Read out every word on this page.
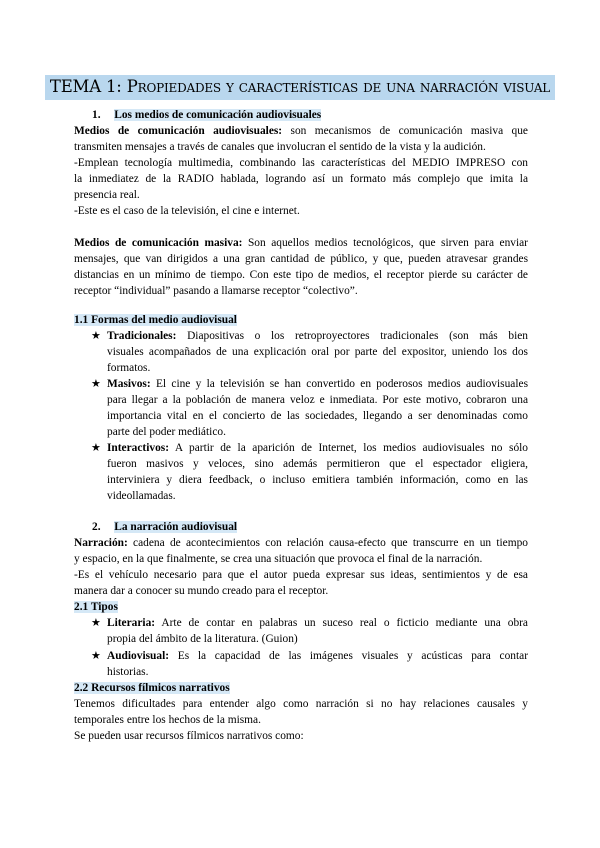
TEMA 1: Propiedades y características de una narración visual
1. Los medios de comunicación audiovisuales
Medios de comunicación audiovisuales: son mecanismos de comunicación masiva que
transmiten mensajes a través de canales que involucran el sentido de la vista y la audición.
-Emplean tecnología multimedia, combinando las características del MEDIO IMPRESO con
la inmediatez de la RADIO hablada, logrando así un formato más complejo que imita la
presencia real.
-Este es el caso de la televisión, el cine e internet.
Medios de comunicación masiva: Son aquellos medios tecnológicos, que sirven para enviar
mensajes, que van dirigidos a una gran cantidad de público, y que, pueden atravesar grandes
distancias en un mínimo de tiempo. Con este tipo de medios, el receptor pierde su carácter de
receptor “individual” pasando a llamarse receptor “colectivo”.
1.1 Formas del medio audiovisual
★ Tradicionales: Diapositivas o los retroproyectores tradicionales (son más bien
visuales acompañados de una explicación oral por parte del expositor, uniendo los dos
formatos.
★ Masivos: El cine y la televisión se han convertido en poderosos medios audiovisuales
para llegar a la población de manera veloz e inmediata. Por este motivo, cobraron una
importancia vital en el concierto de las sociedades, llegando a ser denominadas como
parte del poder mediático.
★ Interactivos: A partir de la aparición de Internet, los medios audiovisuales no sólo
fueron masivos y veloces, sino además permitieron que el espectador eligiera,
interviniera y diera feedback, o incluso emitiera también información, como en las
videollamadas.
2. La narración audiovisual
Narración: cadena de acontecimientos con relación causa-efecto que transcurre en un tiempo
y espacio, en la que finalmente, se crea una situación que provoca el final de la narración.
-Es el vehículo necesario para que el autor pueda expresar sus ideas, sentimientos y de esa
manera dar a conocer su mundo creado para el receptor.
2.1 Tipos
★ Literaria: Arte de contar en palabras un suceso real o ficticio mediante una obra
propia del ámbito de la literatura. (Guion)
★ Audiovisual: Es la capacidad de las imágenes visuales y acústicas para contar
historias.
2.2 Recursos fílmicos narrativos
Tenemos dificultades para entender algo como narración si no hay relaciones causales y
temporales entre los hechos de la misma.
Se pueden usar recursos fílmicos narrativos como:
